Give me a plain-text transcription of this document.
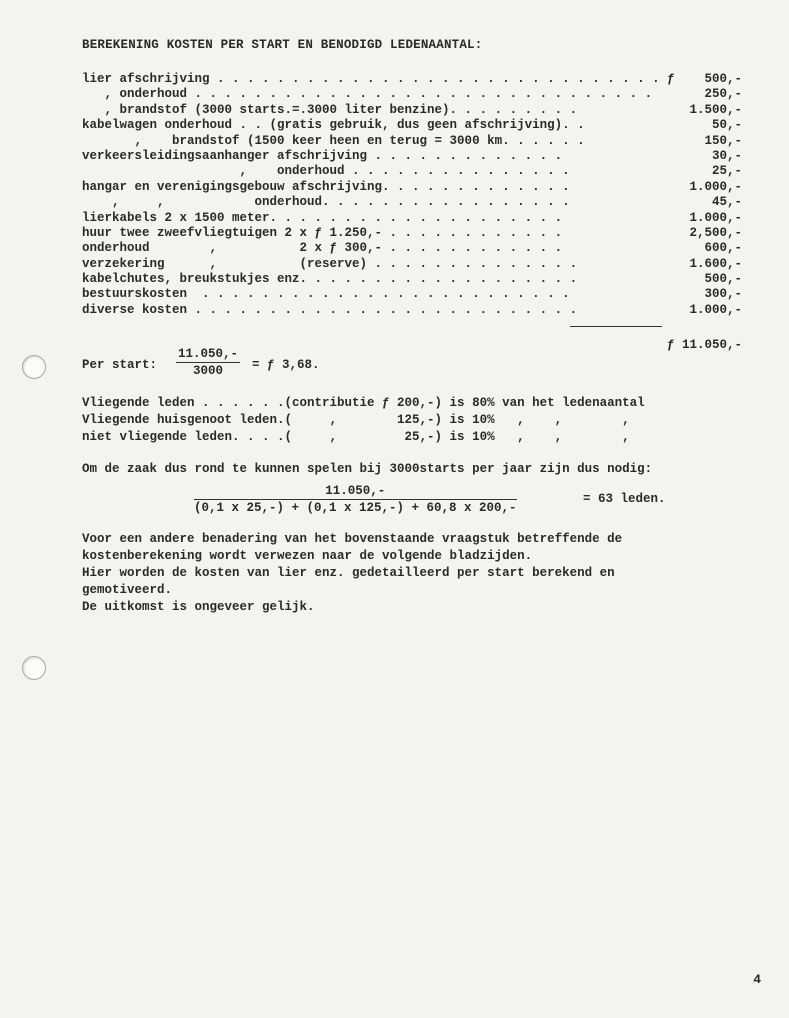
BEREKENING KOSTEN PER START EN BENODIGD LEDENAANTAL:
lier afschrijving . . . . . . . . . . . . . . . . . . . . . . . . . . . . . . ƒ 500,-
, onderhoud . . . . . . . . . . . . . . . . . . . . . . . . . . . . . . .	250,-
, brandstof (3000 starts.=.3000 liter benzine). . . . . . . . .	1.500,-
kabelwagen onderhoud . . (gratis gebruik, dus geen afschrijving). .	50,-
,    brandstof (1500 keer heen en terug = 3000 km. . . . . .	150,-
verkeersleidingsaanhanger afschrijving . . . . . . . . . . . . .	30,-
,    onderhoud . . . . . . . . . . . . . . .	25,-
hangar en verenigingsgebouw afschrijving. . . . . . . . . . . . .	1.000,-
,     ,            onderhoud. . . . . . . . . . . . . . . . .	45,-
lierkabels 2 x 1500 meter. . . . . . . . . . . . . . . . . . . .	1.000,-
huur twee zweefvliegtuigen 2 x ƒ 1.250,- . . . . . . . . . . . .	2,500,-
onderhoud        ,           2 x ƒ 300,- . . . . . . . . . . . .	600,-
verzekering      ,           (reserve) . . . . . . . . . . . . . .	1.600,-
kabelchutes, breukstukjes enz. . . . . . . . . . . . . . . . . . .	500,-
bestuurskosten  . . . . . . . . . . . . . . . . . . . . . . . . .	300,-
diverse kosten . . . . . . . . . . . . . . . . . . . . . . . . . .	1.000,-
ƒ 11.050,-
Per start: $\frac{11.050,-}{3000}$ = ƒ 3,68.
Vliegende leden . . . . . .(contributie ƒ 200,-) is 80% van het ledenaantal
Vliegende huisgenoot leden.(     ,        125,-) is 10%   ,    ,        ,
niet vliegende leden. . . .(     ,         25,-) is 10%   ,    ,        ,
Om de zaak dus rond te kunnen spelen bij 3000starts per jaar zijn dus nodig:
$\frac{11.050,-}{(0,1 x 25,-) + (0,1 x 125,-) + 60,8 x 200,-}$	= 63 leden.
Voor een andere benadering van het bovenstaande vraagstuk betreffende de
kostenberekening wordt verwezen naar de volgende bladzijden.
Hier worden de kosten van lier enz. gedetailleerd per start berekend en
gemotiveerd.
De uitkomst is ongeveer gelijk.
4
